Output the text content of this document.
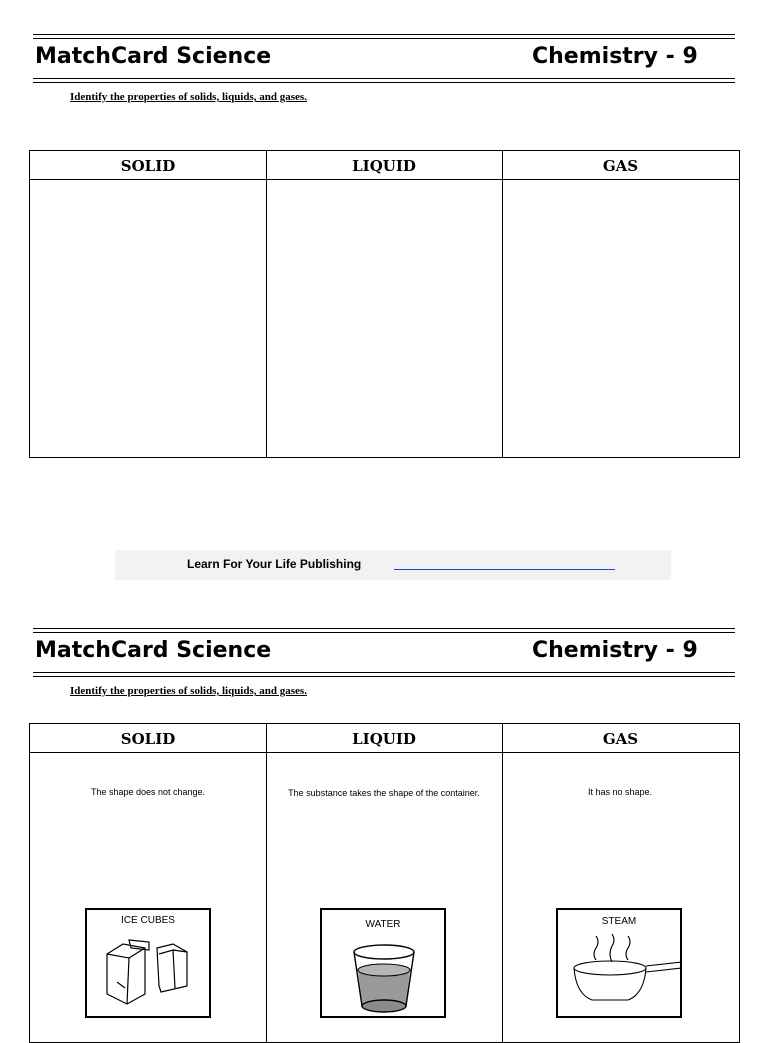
MatchCard Science	Chemistry - 9
Identify the properties of solids, liquids, and gases.
SOLID	LIQUID	GAS
Learn For Your Life Publishing
MatchCard Science	Chemistry - 9
Identify the properties of solids, liquids, and gases.
SOLID	LIQUID	GAS
The shape does not change.	The substance takes the shape of the container.	It has no shape.
ICE CUBES	WATER	STEAM
